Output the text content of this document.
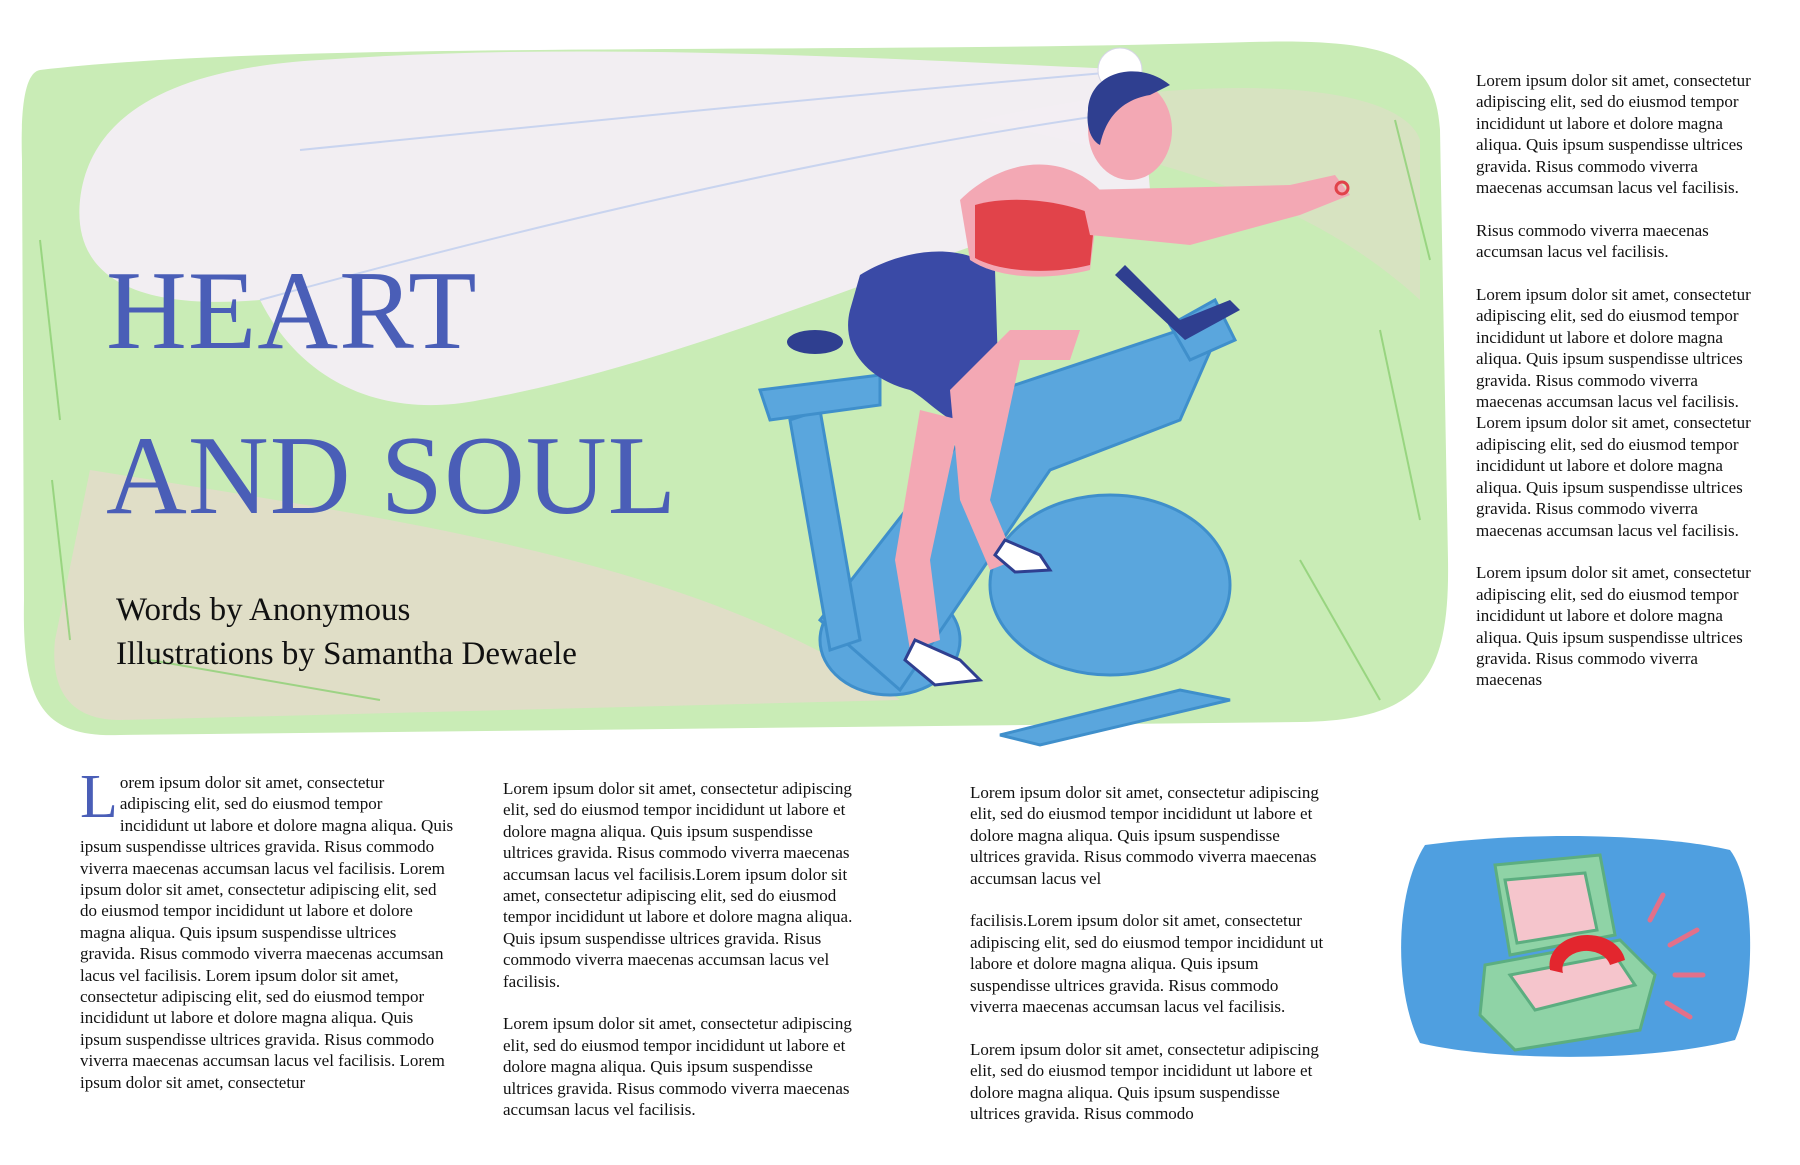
HEART
AND SOUL
Words by Anonymous
Illustrations by Samantha Dewaele

Lorem ipsum dolor sit amet, consectetur adipiscing elit, sed do eiusmod tempor incididunt ut labore et dolore magna aliqua. Quis ipsum suspendisse ultrices gravida. Risus commodo viverra maecenas accumsan lacus vel facilisis.

Risus commodo viverra maecenas accumsan lacus vel facilisis.

Lorem ipsum dolor sit amet, consectetur adipiscing elit, sed do eiusmod tempor incididunt ut labore et dolore magna aliqua. Quis ipsum suspendisse ultrices gravida. Risus commodo viverra maecenas accumsan lacus vel facilisis. Lorem ipsum dolor sit amet, consectetur adipiscing elit, sed do eiusmod tempor incididunt ut labore et dolore magna aliqua. Quis ipsum suspendisse ultrices gravida. Risus commodo viverra maecenas accumsan lacus vel facilisis.

Lorem ipsum dolor sit amet, consectetur adipiscing elit, sed do eiusmod tempor incididunt ut labore et dolore magna aliqua. Quis ipsum suspendisse ultrices gravida. Risus commodo viverra maecenas

Lorem ipsum dolor sit amet, consectetur adipiscing elit, sed do eiusmod tempor incididunt ut labore et dolore magna aliqua. Quis ipsum suspendisse ultrices gravida. Risus commodo viverra maecenas accumsan lacus vel facilisis. Lorem ipsum dolor sit amet, consectetur adipiscing elit, sed do eiusmod tempor incididunt ut labore et dolore magna aliqua. Quis ipsum suspendisse ultrices gravida. Risus commodo viverra maecenas accumsan lacus vel facilisis. Lorem ipsum dolor sit amet, consectetur adipiscing elit, sed do eiusmod tempor incididunt ut labore et dolore magna aliqua. Quis ipsum suspendisse ultrices gravida. Risus commodo viverra maecenas accumsan lacus vel facilisis. Lorem ipsum dolor sit amet, consectetur

Lorem ipsum dolor sit amet, consectetur adipiscing elit, sed do eiusmod tempor incididunt ut labore et dolore magna aliqua. Quis ipsum suspendisse ultrices gravida. Risus commodo viverra maecenas accumsan lacus vel facilisis.Lorem ipsum dolor sit amet, consectetur adipiscing elit, sed do eiusmod tempor incididunt ut labore et dolore magna aliqua. Quis ipsum suspendisse ultrices gravida. Risus commodo viverra maecenas accumsan lacus vel facilisis.

Lorem ipsum dolor sit amet, consectetur adipiscing elit, sed do eiusmod tempor incididunt ut labore et dolore magna aliqua. Quis ipsum suspendisse ultrices gravida. Risus commodo viverra maecenas accumsan lacus vel facilisis.

Lorem ipsum dolor sit amet, consectetur adipiscing elit, sed do eiusmod tempor incididunt ut labore et dolore magna aliqua. Quis ipsum suspendisse ultrices gravida. Risus commodo viverra maecenas accumsan lacus vel

facilisis.Lorem ipsum dolor sit amet, consectetur adipiscing elit, sed do eiusmod tempor incididunt ut labore et dolore magna aliqua. Quis ipsum suspendisse ultrices gravida. Risus commodo viverra maecenas accumsan lacus vel facilisis.

Lorem ipsum dolor sit amet, consectetur adipiscing elit, sed do eiusmod tempor incididunt ut labore et dolore magna aliqua. Quis ipsum suspendisse ultrices gravida. Risus commodo
